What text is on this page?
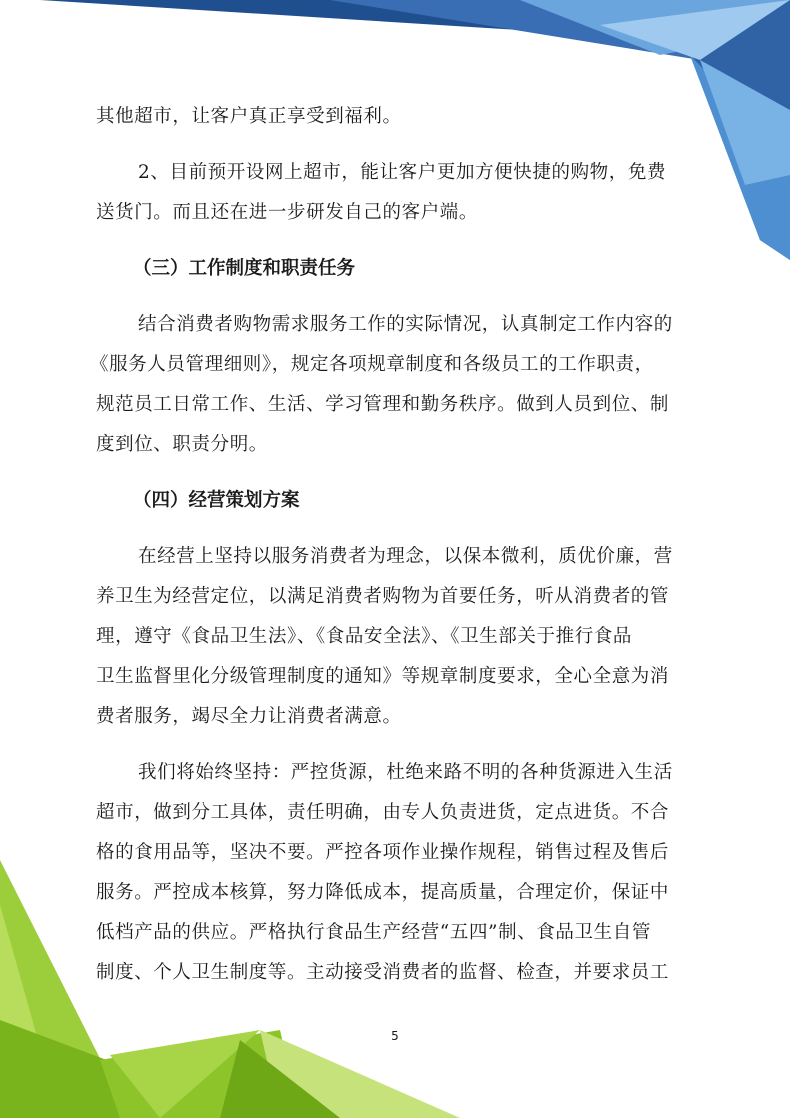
其他超市，让客户真正享受到福利。
2、目前预开设网上超市，能让客户更加方便快捷的购物，免费
送货门。而且还在进一步研发自己的客户端。
（三）工作制度和职责任务
结合消费者购物需求服务工作的实际情况，认真制定工作内容的
《服务人员管理细则》，规定各项规章制度和各级员工的工作职责，
规范员工日常工作、生活、学习管理和勤务秩序。做到人员到位、制
度到位、职责分明。
（四）经营策划方案
在经营上坚持以服务消费者为理念，以保本微利，质优价廉，营
养卫生为经营定位，以满足消费者购物为首要任务，听从消费者的管
理，遵守《食品卫生法》、《食品安全法》、《卫生部关于推行食品
卫生监督里化分级管理制度的通知》等规章制度要求，全心全意为消
费者服务，竭尽全力让消费者满意。
我们将始终坚持：严控货源，杜绝来路不明的各种货源进入生活
超市，做到分工具体，责任明确，由专人负责进货，定点进货。不合
格的食用品等，坚决不要。严控各项作业操作规程，销售过程及售后
服务。严控成本核算，努力降低成本，提高质量，合理定价，保证中
低档产品的供应。严格执行食品生产经营“五四”制、食品卫生自管
制度、个人卫生制度等。主动接受消费者的监督、检查，并要求员工
5
